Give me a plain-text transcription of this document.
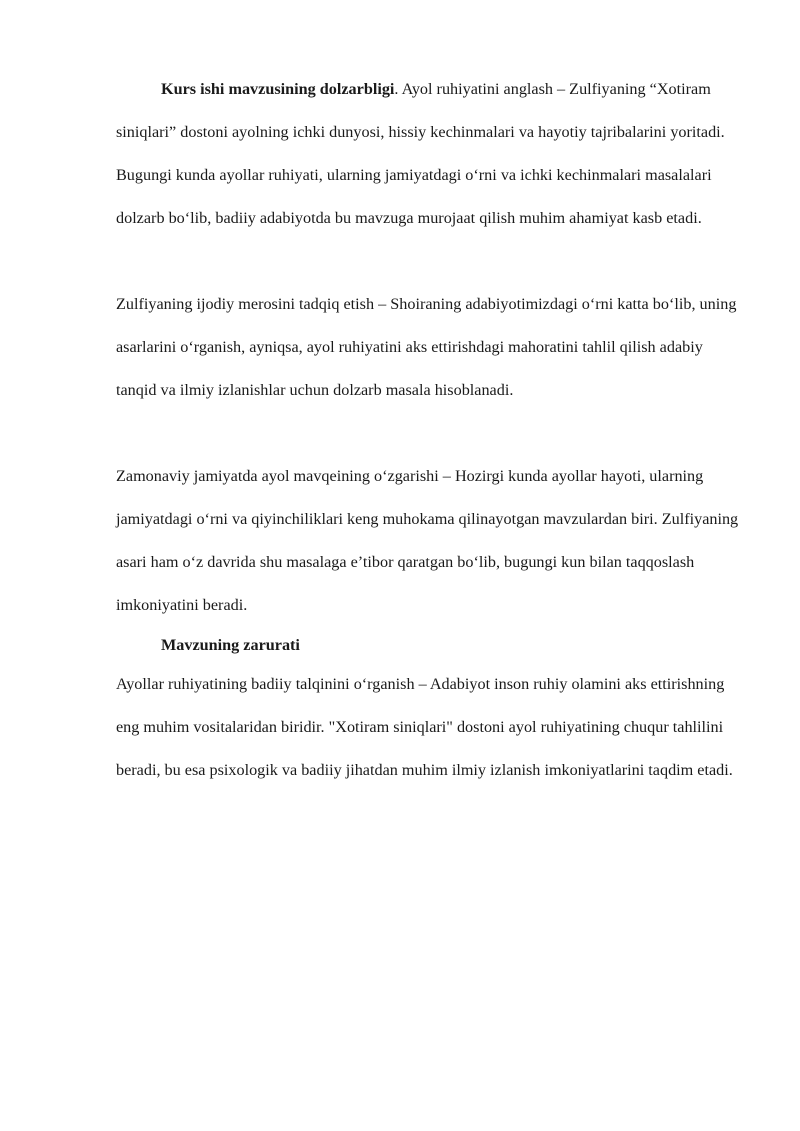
Kurs ishi mavzusining dolzarbligi. Ayol ruhiyatini anglash – Zulfiyaning “Xotiram siniqlari” dostoni ayolning ichki dunyosi, hissiy kechinmalari va hayotiy tajribalarini yoritadi. Bugungi kunda ayollar ruhiyati, ularning jamiyatdagi oʻrni va ichki kechinmalari masalalari dolzarb boʻlib, badiiy adabiyotda bu mavzuga murojaat qilish muhim ahamiyat kasb etadi.

Zulfiyaning ijodiy merosini tadqiq etish – Shoiraning adabiyotimizdagi oʻrni katta boʻlib, uning asarlarini oʻrganish, ayniqsa, ayol ruhiyatini aks ettirishdagi mahoratini tahlil qilish adabiy tanqid va ilmiy izlanishlar uchun dolzarb masala hisoblanadi.

Zamonaviy jamiyatda ayol mavqeining oʻzgarishi – Hozirgi kunda ayollar hayoti, ularning jamiyatdagi oʻrni va qiyinchiliklari keng muhokama qilinayotgan mavzulardan biri. Zulfiyaning asari ham oʻz davrida shu masalaga e’tibor qaratgan boʻlib, bugungi kun bilan taqqoslash imkoniyatini beradi.

Mavzuning zarurati

Ayollar ruhiyatining badiiy talqinini oʻrganish – Adabiyot inson ruhiy olamini aks ettirishning eng muhim vositalaridan biridir. "Xotiram siniqlari" dostoni ayol ruhiyatining chuqur tahlilini beradi, bu esa psixologik va badiiy jihatdan muhim ilmiy izlanish imkoniyatlarini taqdim etadi.
